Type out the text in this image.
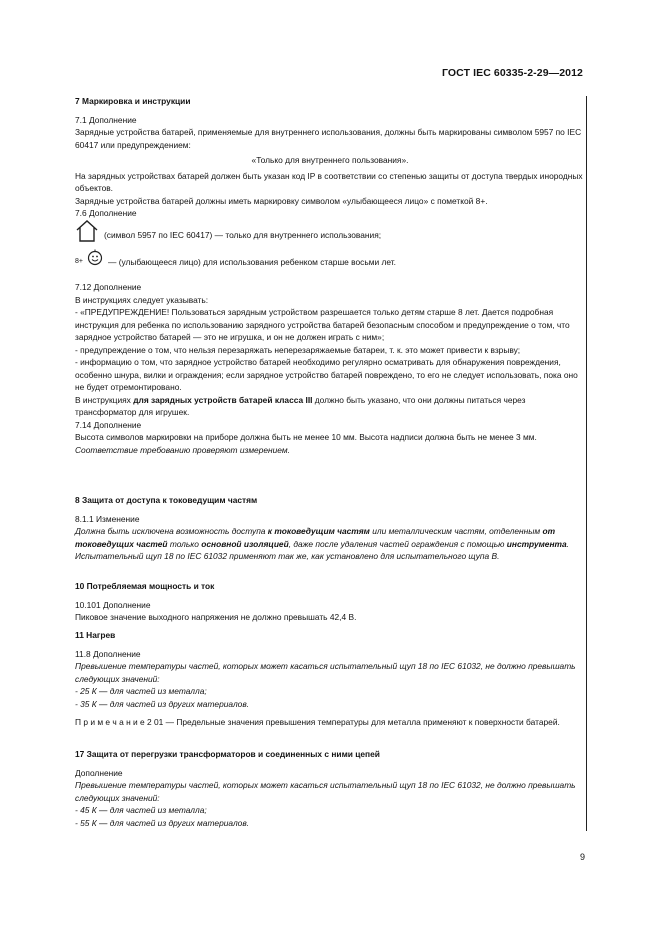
ГОСТ IEC 60335-2-29—2012

7 Маркировка и инструкции

7.1 Дополнение

Зарядные устройства батарей, применяемые для внутреннего использования, должны быть маркированы символом 5957 по IEC 60417 или предупреждением:

«Только для внутреннего пользования».

На зарядных устройствах батарей должен быть указан код IP в соответствии со степенью защиты от доступа твердых инородных объектов.

Зарядные устройства батарей должны иметь маркировку символом «улыбающееся лицо» с пометкой 8+.

7.6 Дополнение

(символ 5957 по IEC 60417) — только для внутреннего использования;
8+	— (улыбающееся лицо) для использования ребенком старше восьми лет.

7.12 Дополнение

В инструкциях следует указывать:

- «ПРЕДУПРЕЖДЕНИЕ! Пользоваться зарядным устройством разрешается только детям старше 8 лет. Дается подробная инструкция для ребенка по использованию зарядного устройства батарей безопасным способом и предупреждение о том, что зарядное устройство батарей — это не игрушка, и он не должен играть с ним»;

- предупреждение о том, что нельзя перезаряжать неперезаряжаемые батареи, т. к. это может привести к взрыву;

- информацию о том, что зарядное устройство батарей необходимо регулярно осматривать для обнаружения повреждения, особенно шнура, вилки и ограждения; если зарядное устройство батарей повреждено, то его не следует использовать, пока оно не будет отремонтировано.

В инструкциях для зарядных устройств батарей класса III должно быть указано, что они должны питаться через трансформатор для игрушек.

7.14 Дополнение

Высота символов маркировки на приборе должна быть не менее 10 мм. Высота надписи должна быть не менее 3 мм.

Соответствие требованию проверяют измерением.

8 Защита от доступа к токоведущим частям

8.1.1 Изменение

Должна быть исключена возможность доступа к токоведущим частям или металлическим частям, отделенным от токоведущих частей только основной изоляцией, даже после удаления частей ограждения с помощью инструмента.

Испытательный щуп 18 по IEC 61032 применяют так же, как установлено для испытательного щупа B.

10 Потребляемая мощность и ток

10.101 Дополнение

Пиковое значение выходного напряжения не должно превышать 42,4 В.

11 Нагрев

11.8 Дополнение

Превышение температуры частей, которых может касаться испытательный щуп 18 по IEC 61032, не должно превышать следующих значений:

- 25 К — для частей из металла;

- 35 К — для частей из других материалов.

П р и м е ч а н и е 2 01 — Предельные значения превышения температуры для металла применяют к поверхности батарей.

17 Защита от перегрузки трансформаторов и соединенных с ними цепей

Дополнение

Превышение температуры частей, которых может касаться испытательный щуп 18 по IEC 61032, не должно превышать следующих значений:

- 45 К — для частей из металла;

- 55 К — для частей из других материалов.

9
